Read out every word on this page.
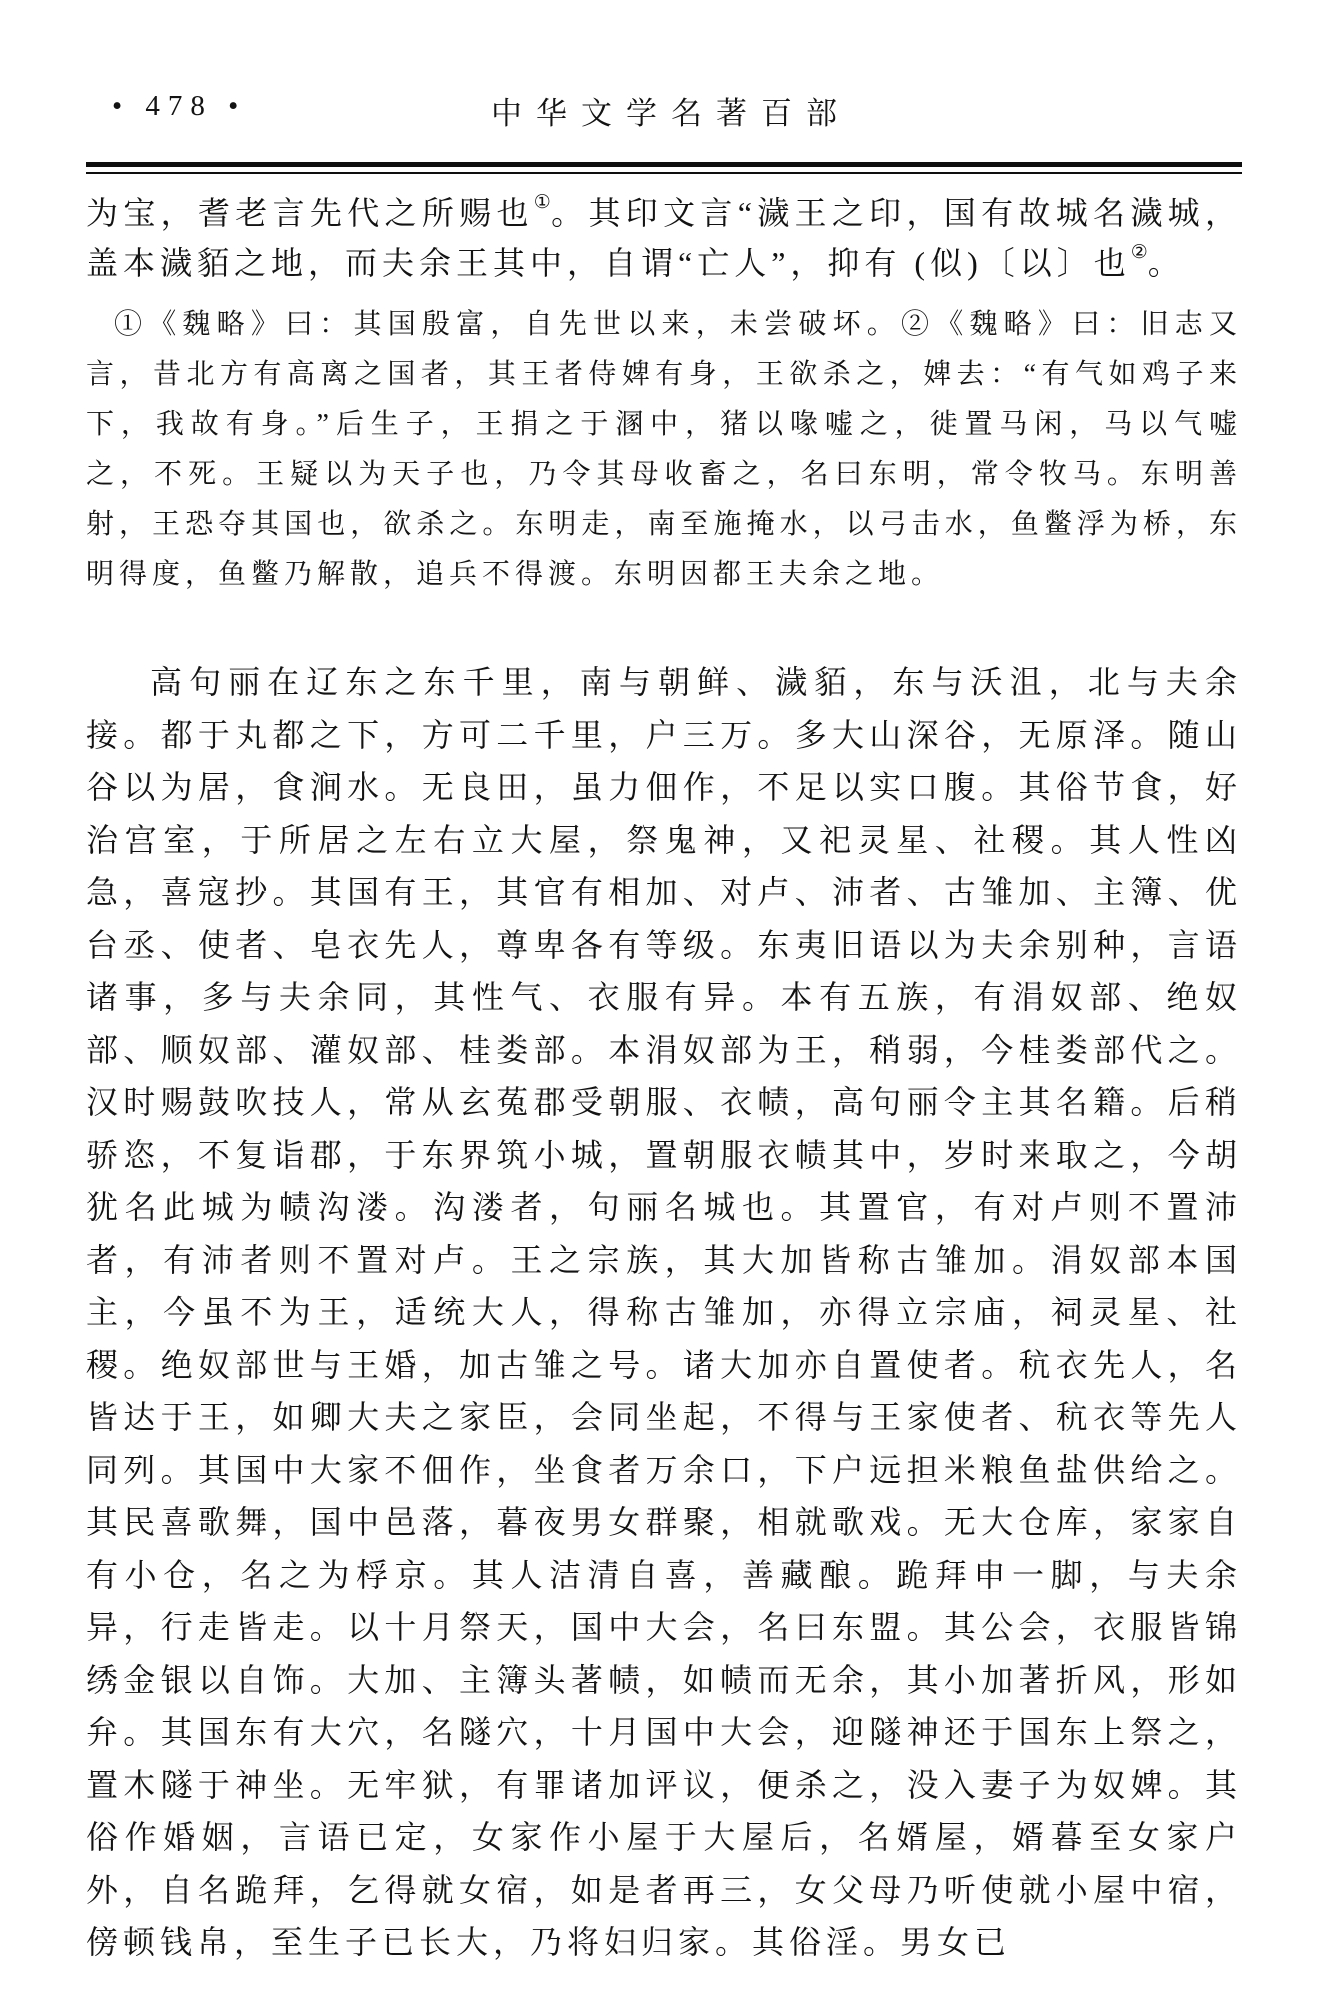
• 478 •	中华文学名著百部

为宝，耆老言先代之所赐也①。其印文言“濊王之印，国有故城名濊城，盖本濊貊之地，而夫余王其中，自谓“亡人”，抑有 (似)〔以〕也②。

①《魏略》曰：其国殷富，自先世以来，未尝破坏。②《魏略》曰：旧志又言，昔北方有高离之国者，其王者侍婢有身，王欲杀之，婢去：“有气如鸡子来下，我故有身。”后生子，王捐之于溷中，猪以喙嘘之，徙置马闲，马以气嘘之，不死。王疑以为天子也，乃令其母收畜之，名曰东明，常令牧马。东明善射，王恐夺其国也，欲杀之。东明走，南至施掩水，以弓击水，鱼鳖浮为桥，东明得度，鱼鳖乃解散，追兵不得渡。东明因都王夫余之地。

高句丽在辽东之东千里，南与朝鲜、濊貊，东与沃沮，北与夫余接。都于丸都之下，方可二千里，户三万。多大山深谷，无原泽。随山谷以为居，食涧水。无良田，虽力佃作，不足以实口腹。其俗节食，好治宫室，于所居之左右立大屋，祭鬼神，又祀灵星、社稷。其人性凶急，喜寇抄。其国有王，其官有相加、对卢、沛者、古雏加、主簿、优台丞、使者、皂衣先人，尊卑各有等级。东夷旧语以为夫余别种，言语诸事，多与夫余同，其性气、衣服有异。本有五族，有涓奴部、绝奴部、顺奴部、灌奴部、桂娄部。本涓奴部为王，稍弱，今桂娄部代之。汉时赐鼓吹技人，常从玄菟郡受朝服、衣帻，高句丽令主其名籍。后稍骄恣，不复诣郡，于东界筑小城，置朝服衣帻其中，岁时来取之，今胡犹名此城为帻沟溇。沟溇者，句丽名城也。其置官，有对卢则不置沛者，有沛者则不置对卢。王之宗族，其大加皆称古雏加。涓奴部本国主，今虽不为王，适统大人，得称古雏加，亦得立宗庙，祠灵星、社稷。绝奴部世与王婚，加古雏之号。诸大加亦自置使者。秔衣先人，名皆达于王，如卿大夫之家臣，会同坐起，不得与王家使者、秔衣等先人同列。其国中大家不佃作，坐食者万余口，下户远担米粮鱼盐供给之。其民喜歌舞，国中邑落，暮夜男女群聚，相就歌戏。无大仓库，家家自有小仓，名之为桴京。其人洁清自喜，善藏酿。跪拜申一脚，与夫余异，行走皆走。以十月祭天，国中大会，名曰东盟。其公会，衣服皆锦绣金银以自饰。大加、主簿头著帻，如帻而无余，其小加著折风，形如弁。其国东有大穴，名隧穴，十月国中大会，迎隧神还于国东上祭之，置木隧于神坐。无牢狱，有罪诸加评议，便杀之，没入妻子为奴婢。其俗作婚姻，言语已定，女家作小屋于大屋后，名婿屋，婿暮至女家户外，自名跪拜，乞得就女宿，如是者再三，女父母乃听使就小屋中宿，傍顿钱帛，至生子已长大，乃将妇归家。其俗淫。男女已
